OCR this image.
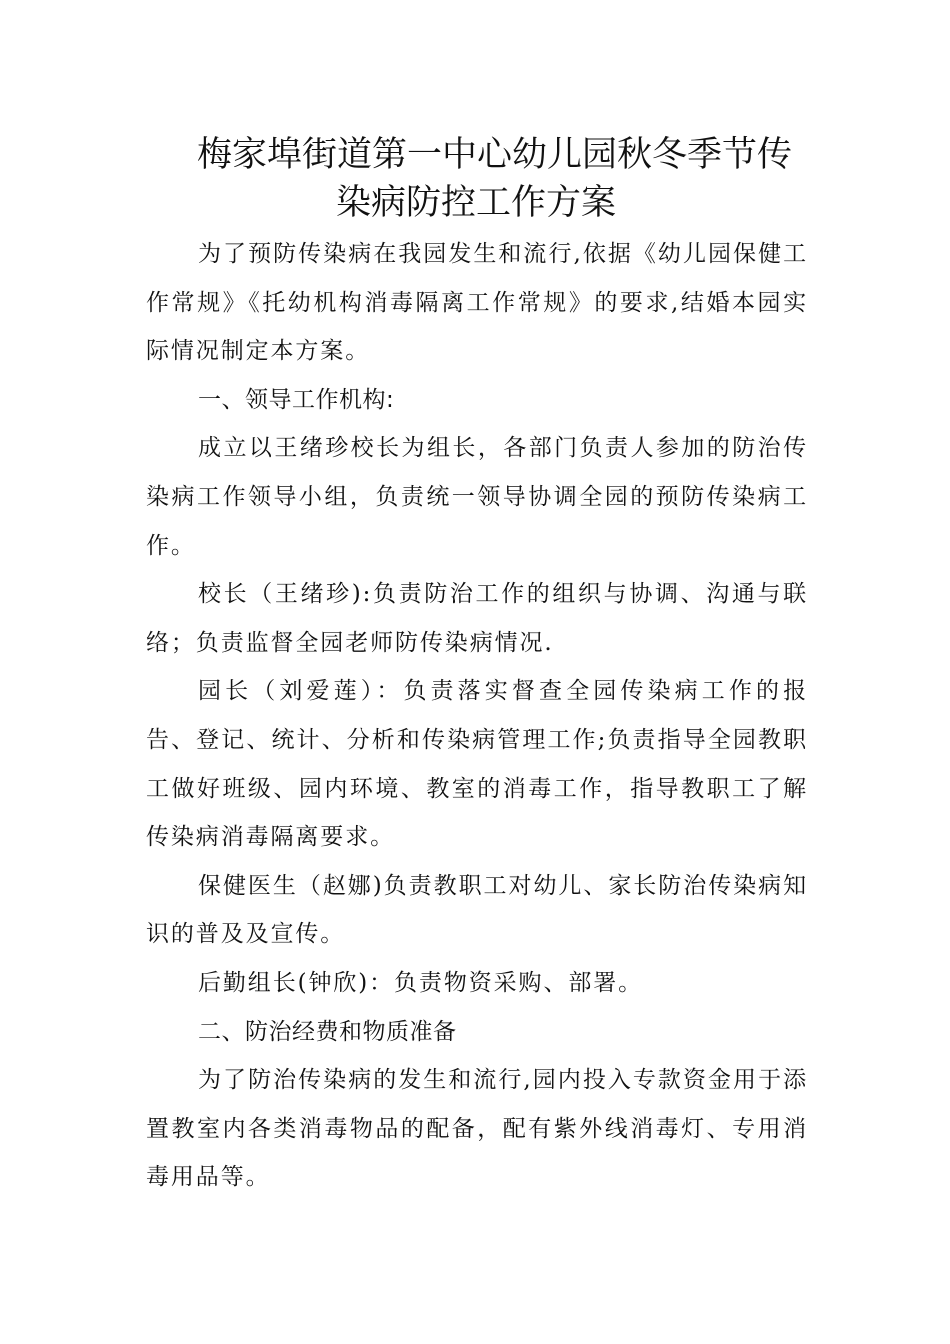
梅家埠街道第一中心幼儿园秋冬季节传
染病防控工作方案

为了预防传染病在我园发生和流行,依据《幼儿园保健工作常规》《托幼机构消毒隔离工作常规》的要求,结婚本园实际情况制定本方案。

一、领导工作机构:

成立以王绪珍校长为组长，各部门负责人参加的防治传染病工作领导小组，负责统一领导协调全园的预防传染病工作。

校长（王绪珍):负责防治工作的组织与协调、沟通与联络；负责监督全园老师防传染病情况.

园长（刘爱莲）：负责落实督查全园传染病工作的报告、登记、统计、分析和传染病管理工作;负责指导全园教职工做好班级、园内环境、教室的消毒工作，指导教职工了解传染病消毒隔离要求。

保健医生（赵娜)负责教职工对幼儿、家长防治传染病知识的普及及宣传。

后勤组长(钟欣)：负责物资采购、部署。

二、防治经费和物质准备

为了防治传染病的发生和流行,园内投入专款资金用于添置教室内各类消毒物品的配备，配有紫外线消毒灯、专用消毒用品等。
